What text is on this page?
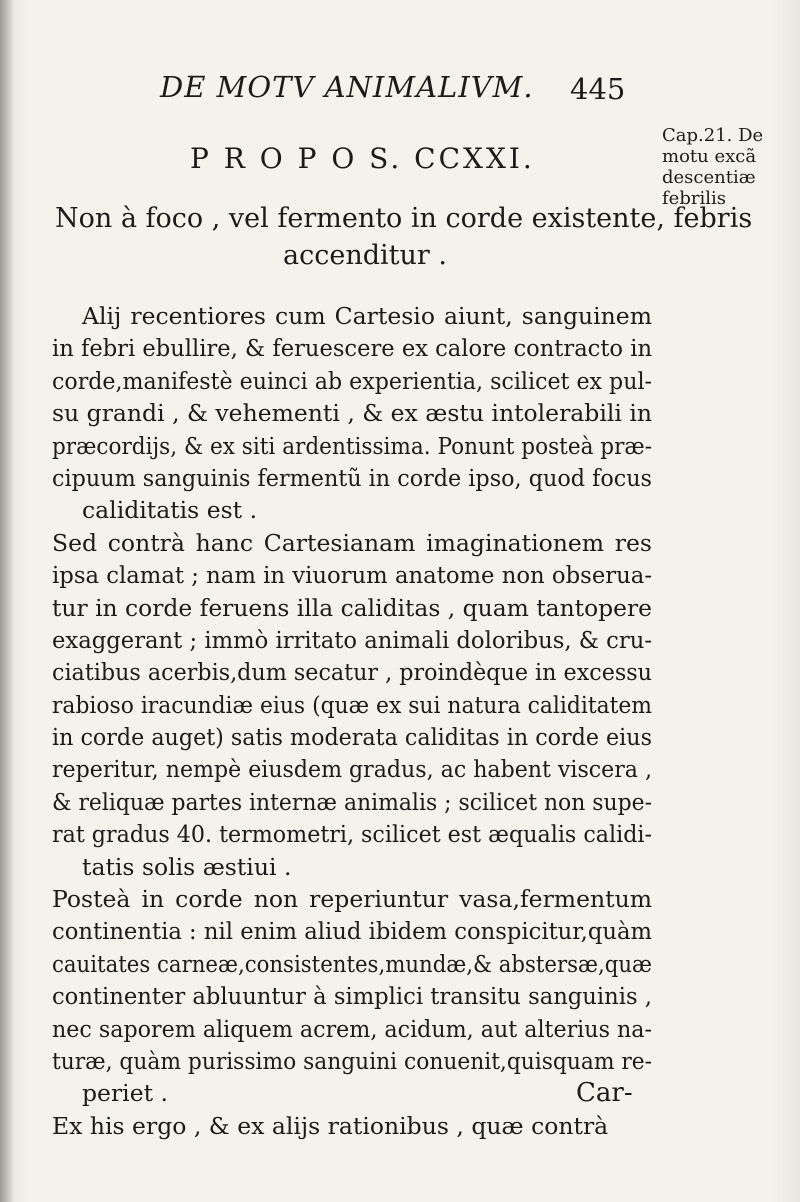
DE MOTV ANIMALIVM. 445
P R O P O S. CCXXI.
Cap.21. De
motu excã
descentiæ
febrilis
Non à foco , vel fermento in corde existente, febris
accenditur .
Alij recentiores cum Cartesio aiunt, sanguinem
in febri ebullire, & feruescere ex calore contracto in
corde,manifestè euinci ab experientia, scilicet ex pul-
su grandi , & vehementi , & ex æstu intolerabili in
præcordijs, & ex siti ardentissima. Ponunt posteà præ-
cipuum sanguinis fermentũ in corde ipso, quod focus
caliditatis est .
Sed contrà hanc Cartesianam imaginationem res
ipsa clamat ; nam in viuorum anatome non obserua-
tur in corde feruens illa caliditas , quam tantopere
exaggerant ; immò irritato animali doloribus, & cru-
ciatibus acerbis,dum secatur , proindèque in excessu
rabioso iracundiæ eius (quæ ex sui natura caliditatem
in corde auget) satis moderata caliditas in corde eius
reperitur, nempè eiusdem gradus, ac habent viscera ,
& reliquæ partes internæ animalis ; scilicet non supe-
rat gradus 40. termometri, scilicet est æqualis calidi-
tatis solis æstiui .
Posteà in corde non reperiuntur vasa,fermentum
continentia : nil enim aliud ibidem conspicitur,quàm
cauitates carneæ,consistentes,mundæ,& abstersæ,quæ
continenter abluuntur à simplici transitu sanguinis ,
nec saporem aliquem acrem, acidum, aut alterius na-
turæ, quàm purissimo sanguini conuenit,quisquam re-
periet .
Ex his ergo , & ex alijs rationibus , quæ contrà
Car-
